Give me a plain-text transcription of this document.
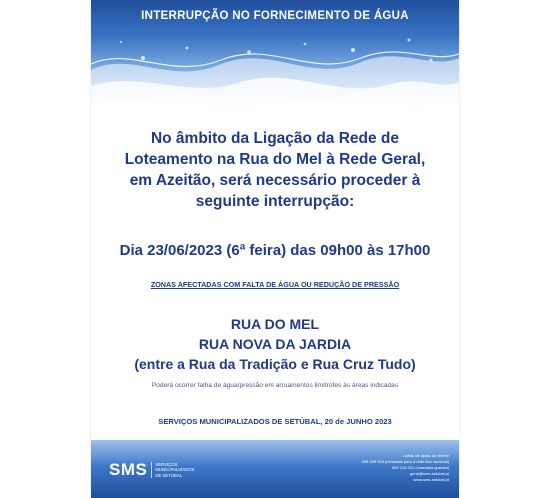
INTERRUPÇÃO NO FORNECIMENTO DE ÁGUA
No âmbito da Ligação da Rede de
Loteamento na Rua do Mel à Rede Geral,
em Azeitão, será necessário proceder à
seguinte interrupção:
Dia 23/06/2023 (6ª feira) das 09h00 às 17h00
ZONAS AFECTADAS COM FALTA DE ÁGUA OU REDUÇÃO DE PRESSÃO
RUA DO MEL
RUA NOVA DA JARDIA
(entre a Rua da Tradição e Rua Cruz Tudo)
Poderá ocorrer falha de água/pressão em arruamentos limítrofes às áreas indicadas
SERVIÇOS MUNICIPALIZADOS DE SETÚBAL, 20 de JUNHO 2023
SMS	SERVIÇOS
MUNICIPALIZADOS
DE SETÚBAL
Linhas de apoio ao cliente
265 059 015 (chamada para a rede fixa nacional)
800 210 022 (chamada gratuita)
geral@sms-setubal.pt
www.sms-setubal.pt
